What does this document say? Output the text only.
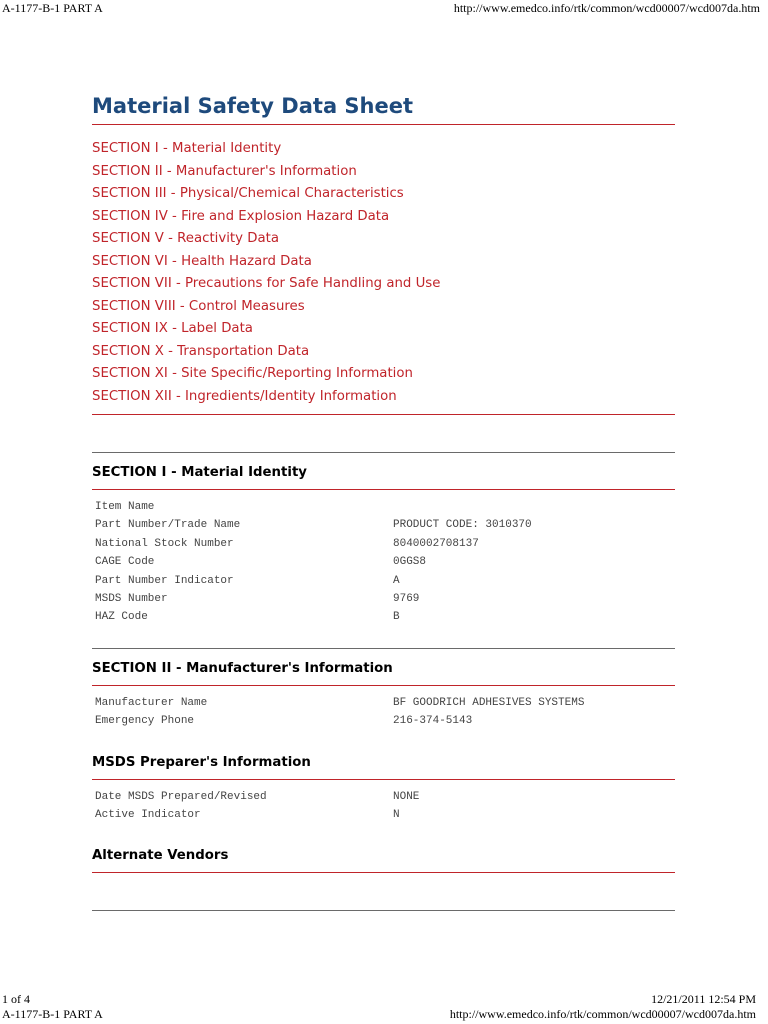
A-1177-B-1 PART A	http://www.emedco.info/rtk/common/wcd00007/wcd007da.htm
Material Safety Data Sheet
SECTION I - Material Identity
SECTION II - Manufacturer's Information
SECTION III - Physical/Chemical Characteristics
SECTION IV - Fire and Explosion Hazard Data
SECTION V - Reactivity Data
SECTION VI - Health Hazard Data
SECTION VII - Precautions for Safe Handling and Use
SECTION VIII - Control Measures
SECTION IX - Label Data
SECTION X - Transportation Data
SECTION XI - Site Specific/Reporting Information
SECTION XII - Ingredients/Identity Information
SECTION I - Material Identity
Item Name
Part Number/Trade Name	PRODUCT CODE: 3010370
National Stock Number	8040002708137
CAGE Code	0GGS8
Part Number Indicator	A
MSDS Number	9769
HAZ Code	B
SECTION II - Manufacturer's Information
Manufacturer Name	BF GOODRICH ADHESIVES SYSTEMS
Emergency Phone	216-374-5143
MSDS Preparer's Information
Date MSDS Prepared/Revised	NONE
Active Indicator	N
Alternate Vendors
1 of 4	12/21/2011 12:54 PM
A-1177-B-1 PART A	http://www.emedco.info/rtk/common/wcd00007/wcd007da.htm
